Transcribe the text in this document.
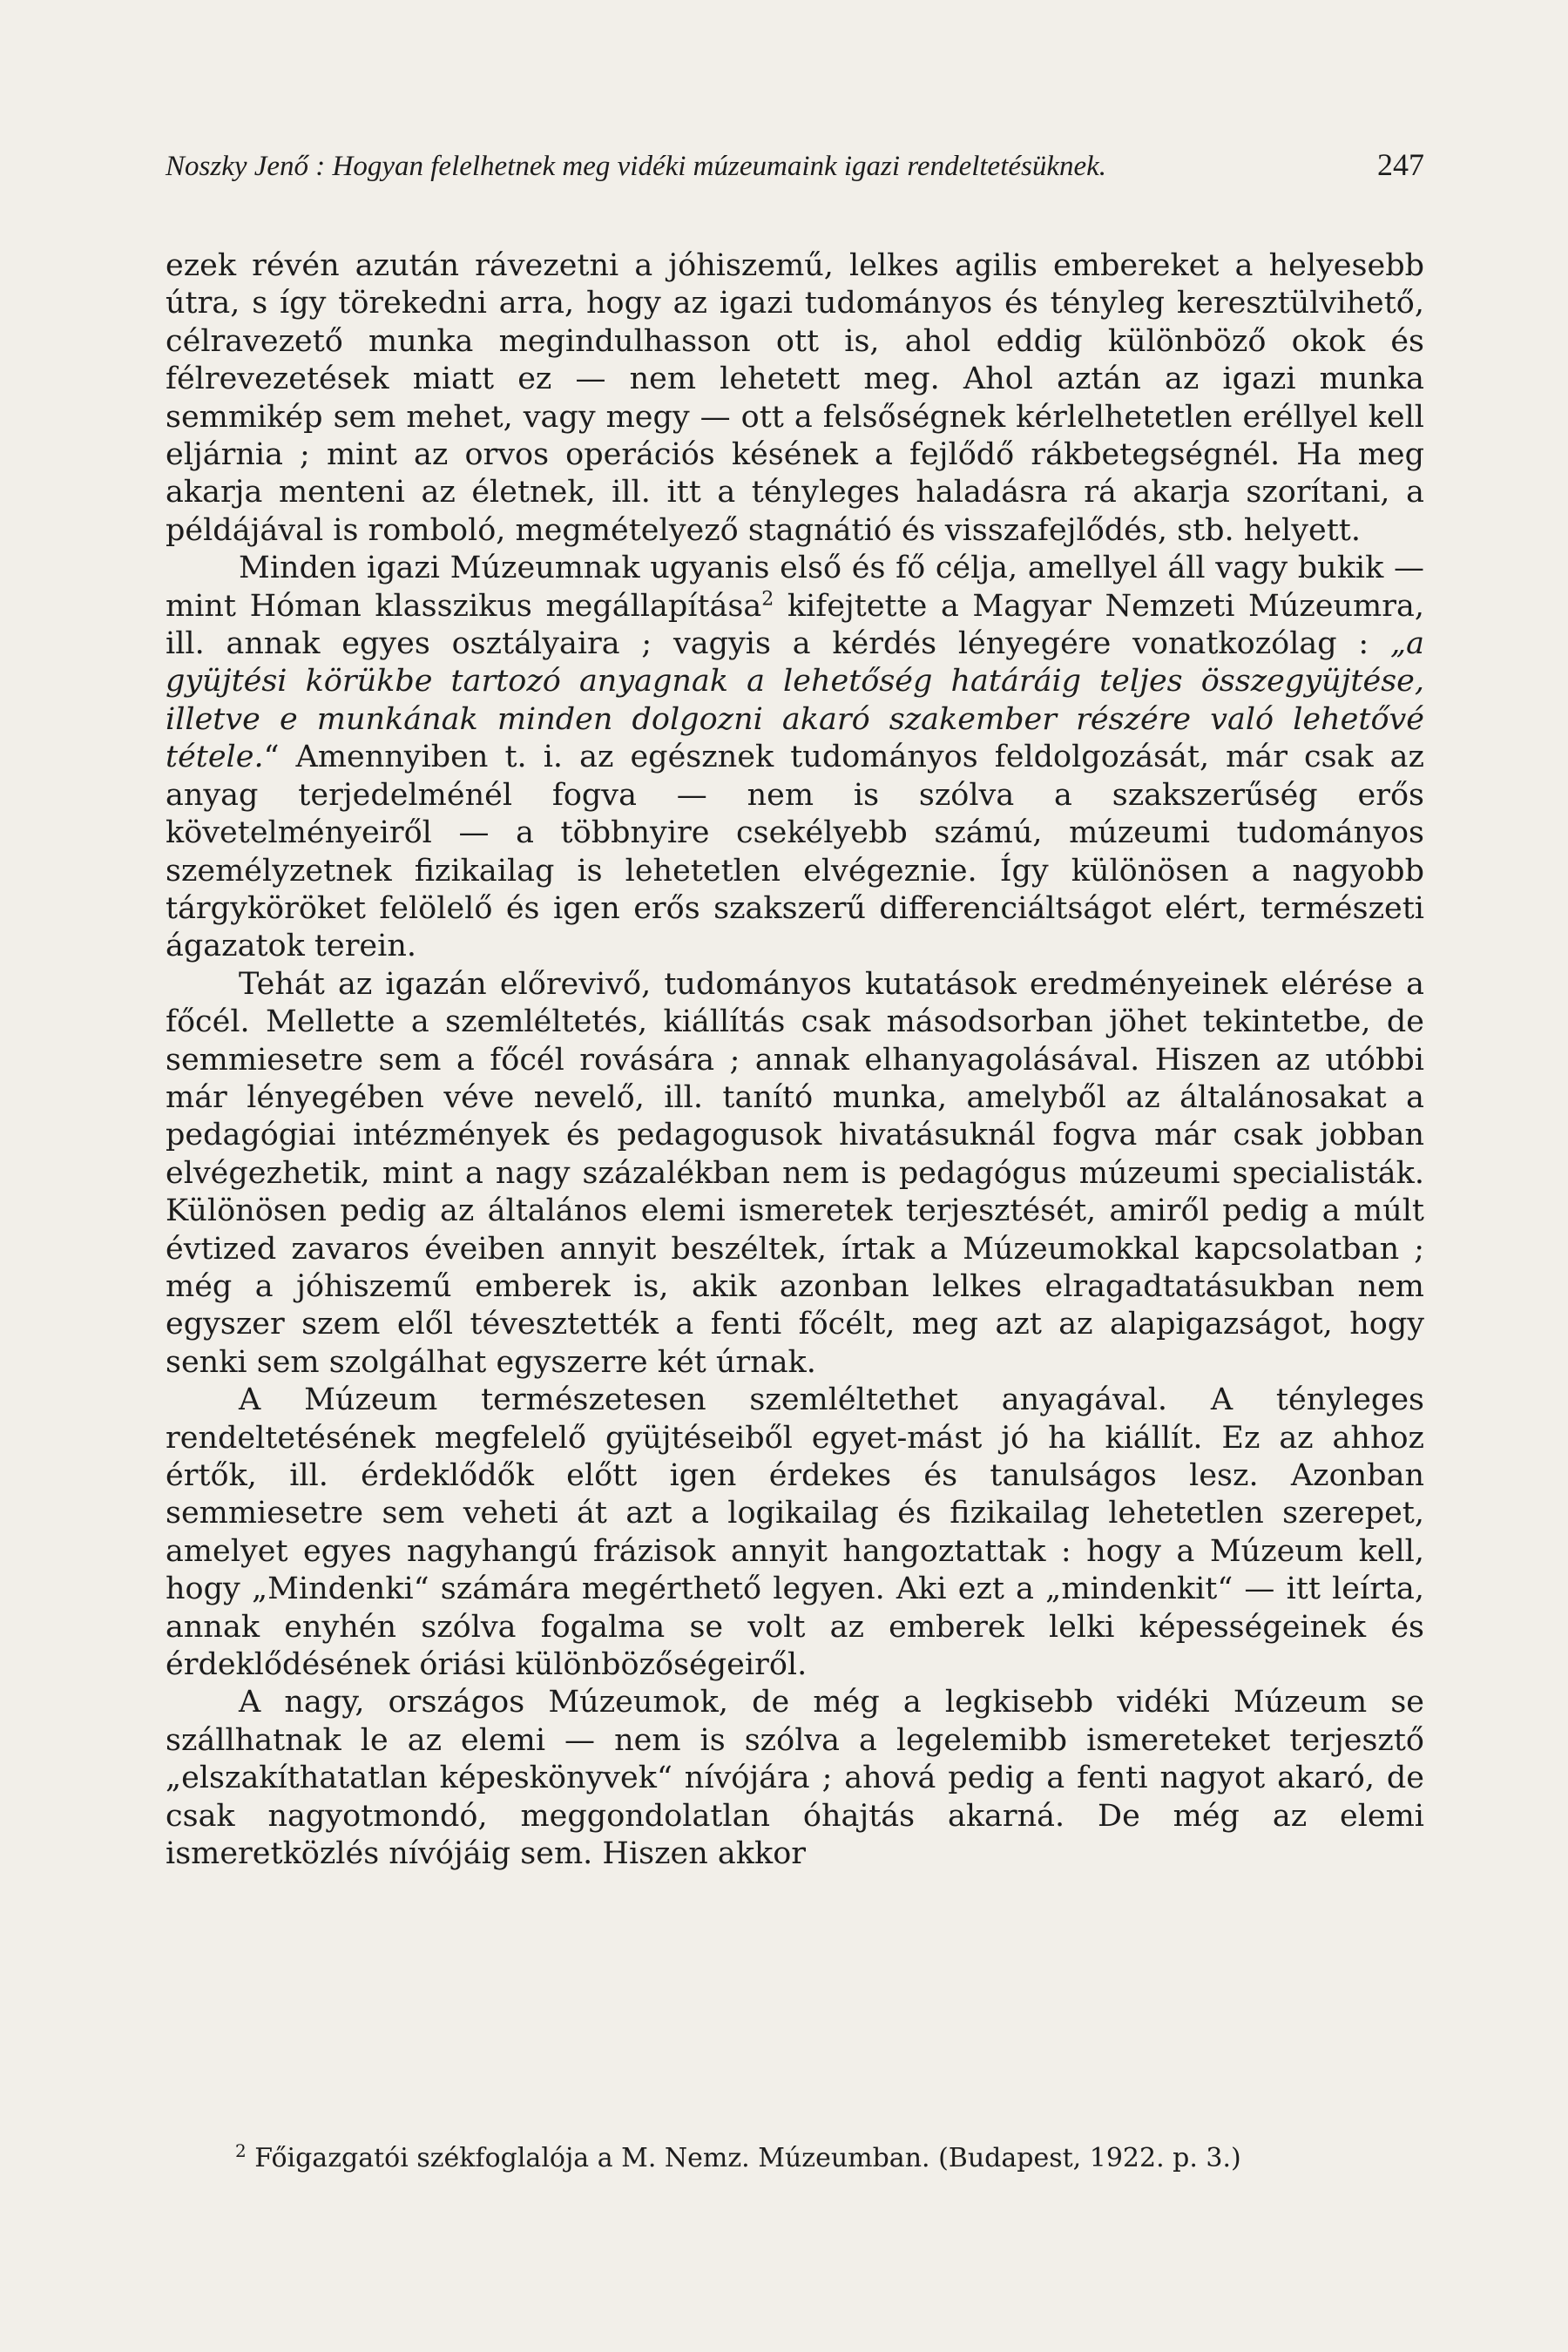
Noszky Jenő : Hogyan felelhetnek meg vidéki múzeumaink igazi rendeltetésüknek.	247

ezek révén azután rávezetni a jóhiszemű, lelkes agilis embereket a helyesebb útra, s így törekedni arra, hogy az igazi tudományos és tényleg keresztülvihető, célravezető munka megindulhasson ott is, ahol eddig különböző okok és félrevezetések miatt ez — nem lehetett meg. Ahol aztán az igazi munka semmikép sem mehet, vagy megy — ott a felsőségnek kérlelhetetlen eréllyel kell eljárnia ; mint az orvos operációs késének a fejlődő rákbetegségnél. Ha meg akarja menteni az életnek, ill. itt a tényleges haladásra rá akarja szorítani, a példájával is romboló, megmételyező stagnátió és visszafejlődés, stb. helyett.

Minden igazi Múzeumnak ugyanis első és fő célja, amellyel áll vagy bukik — mint Hóman klasszikus megállapítása$^2$ kifejtette a Magyar Nemzeti Múzeumra, ill. annak egyes osztályaira ; vagyis a kérdés lényegére vonatkozólag : „a gyüjtési körükbe tartozó anyagnak a lehetőség határáig teljes összegyüjtése, illetve e munkának minden dolgozni akaró szakember részére való lehetővé tétele.“ Amennyiben t. i. az egésznek tudományos feldolgozását, már csak az anyag terjedelménél fogva — nem is szólva a szakszerűség erős követelményeiről — a többnyire csekélyebb számú, múzeumi tudományos személyzetnek fizikailag is lehetetlen elvégeznie. Így különösen a nagyobb tárgyköröket felölelő és igen erős szakszerű differenciáltságot elért, természeti ágazatok terein.

Tehát az igazán előrevivő, tudományos kutatások eredményeinek elérése a főcél. Mellette a szemléltetés, kiállítás csak másodsorban jöhet tekintetbe, de semmiesetre sem a főcél rovására ; annak elhanyagolásával. Hiszen az utóbbi már lényegében véve nevelő, ill. tanító munka, amelyből az általánosakat a pedagógiai intézmények és pedagogusok hivatásuknál fogva már csak jobban elvégezhetik, mint a nagy százalékban nem is pedagógus múzeumi specialisták. Különösen pedig az általános elemi ismeretek terjesztését, amiről pedig a múlt évtized zavaros éveiben annyit beszéltek, írtak a Múzeumokkal kapcsolatban ; még a jóhiszemű emberek is, akik azonban lelkes elragadtatásukban nem egyszer szem elől tévesztették a fenti főcélt, meg azt az alapigazságot, hogy senki sem szolgálhat egyszerre két úrnak.

A Múzeum természetesen szemléltethet anyagával. A tényleges rendeltetésének megfelelő gyüjtéseiből egyet-mást jó ha kiállít. Ez az ahhoz értők, ill. érdeklődők előtt igen érdekes és tanulságos lesz. Azonban semmiesetre sem veheti át azt a logikailag és fizikailag lehetetlen szerepet, amelyet egyes nagyhangú frázisok annyit hangoztattak : hogy a Múzeum kell, hogy „Mindenki“ számára megérthető legyen. Aki ezt a „mindenkit“ — itt leírta, annak enyhén szólva fogalma se volt az emberek lelki képességeinek és érdeklődésének óriási különbözőségeiről.

A nagy, országos Múzeumok, de még a legkisebb vidéki Múzeum se szállhatnak le az elemi — nem is szólva a legelemibb ismereteket terjesztő „elszakíthatatlan képeskönyvek“ nívójára ; ahová pedig a fenti nagyot akaró, de csak nagyotmondó, meggondolatlan óhajtás akarná. De még az elemi ismeretközlés nívójáig sem. Hiszen akkor

$^2$ Főigazgatói székfoglalója a M. Nemz. Múzeumban. (Budapest, 1922. p. 3.)
